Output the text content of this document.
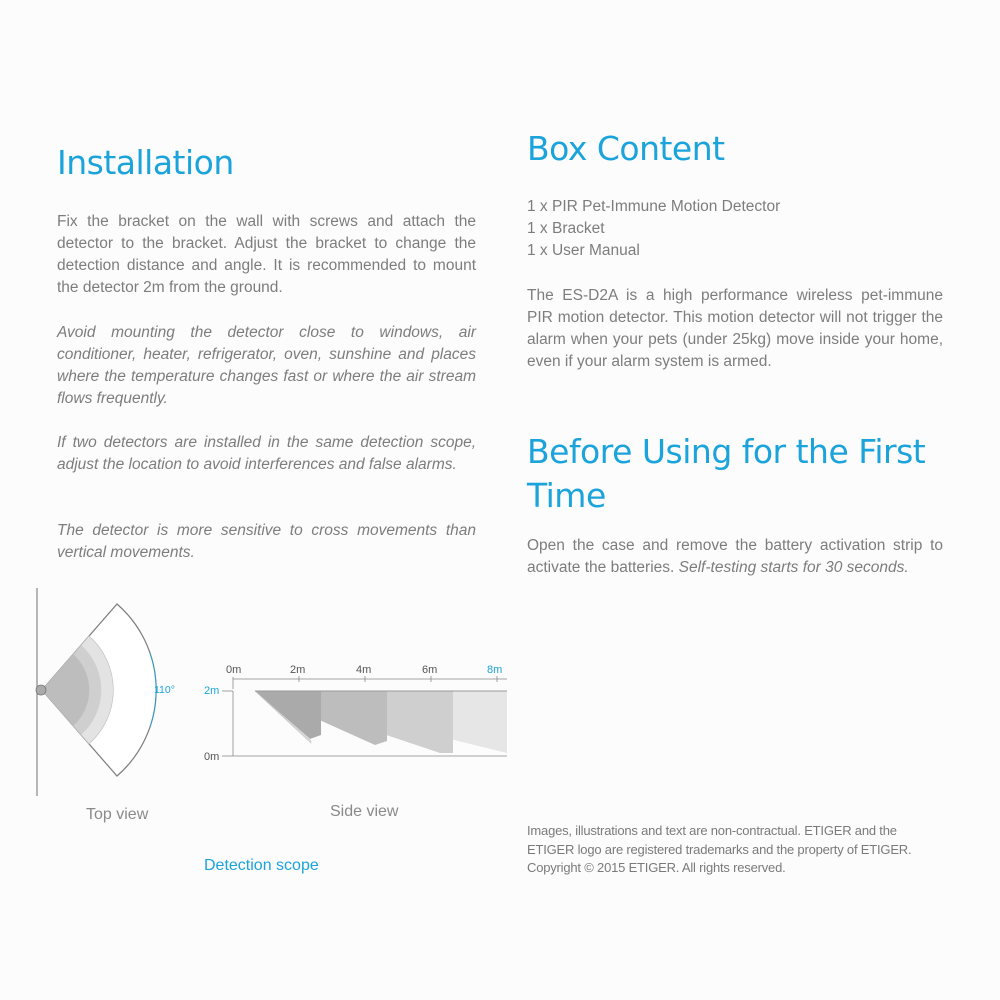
Installation

Fix the bracket on the wall with screws and attach the detector to the bracket. Adjust the bracket to change the detection distance and angle. It is recommended to mount the detector 2m from the ground.

Avoid mounting the detector close to windows, air conditioner, heater, refrigerator, oven, sunshine and places where the temperature changes fast or where the air stream flows frequently.

If two detectors are installed in the same detection scope, adjust the location to avoid interferences and false alarms.

The detector is more sensitive to cross movements than vertical movements.

Box Content
1 x PIR Pet-Immune Motion Detector
1 x Bracket
1 x User Manual

The ES-D2A is a high performance wireless pet-immune PIR motion detector. This motion detector will not trigger the alarm when your pets (under 25kg) move inside your home, even if your alarm system is armed.

Before Using for the First
Time

Open the case and remove the battery activation strip to activate the batteries. Self-testing starts for 30 seconds.

110°
Top view
0m	2m	4m	6m	8m
2m
0m
Side view
Detection scope
Images, illustrations and text are non-contractual. ETIGER and the
ETIGER logo are registered trademarks and the property of ETIGER.
Copyright © 2015 ETIGER. All rights reserved.
